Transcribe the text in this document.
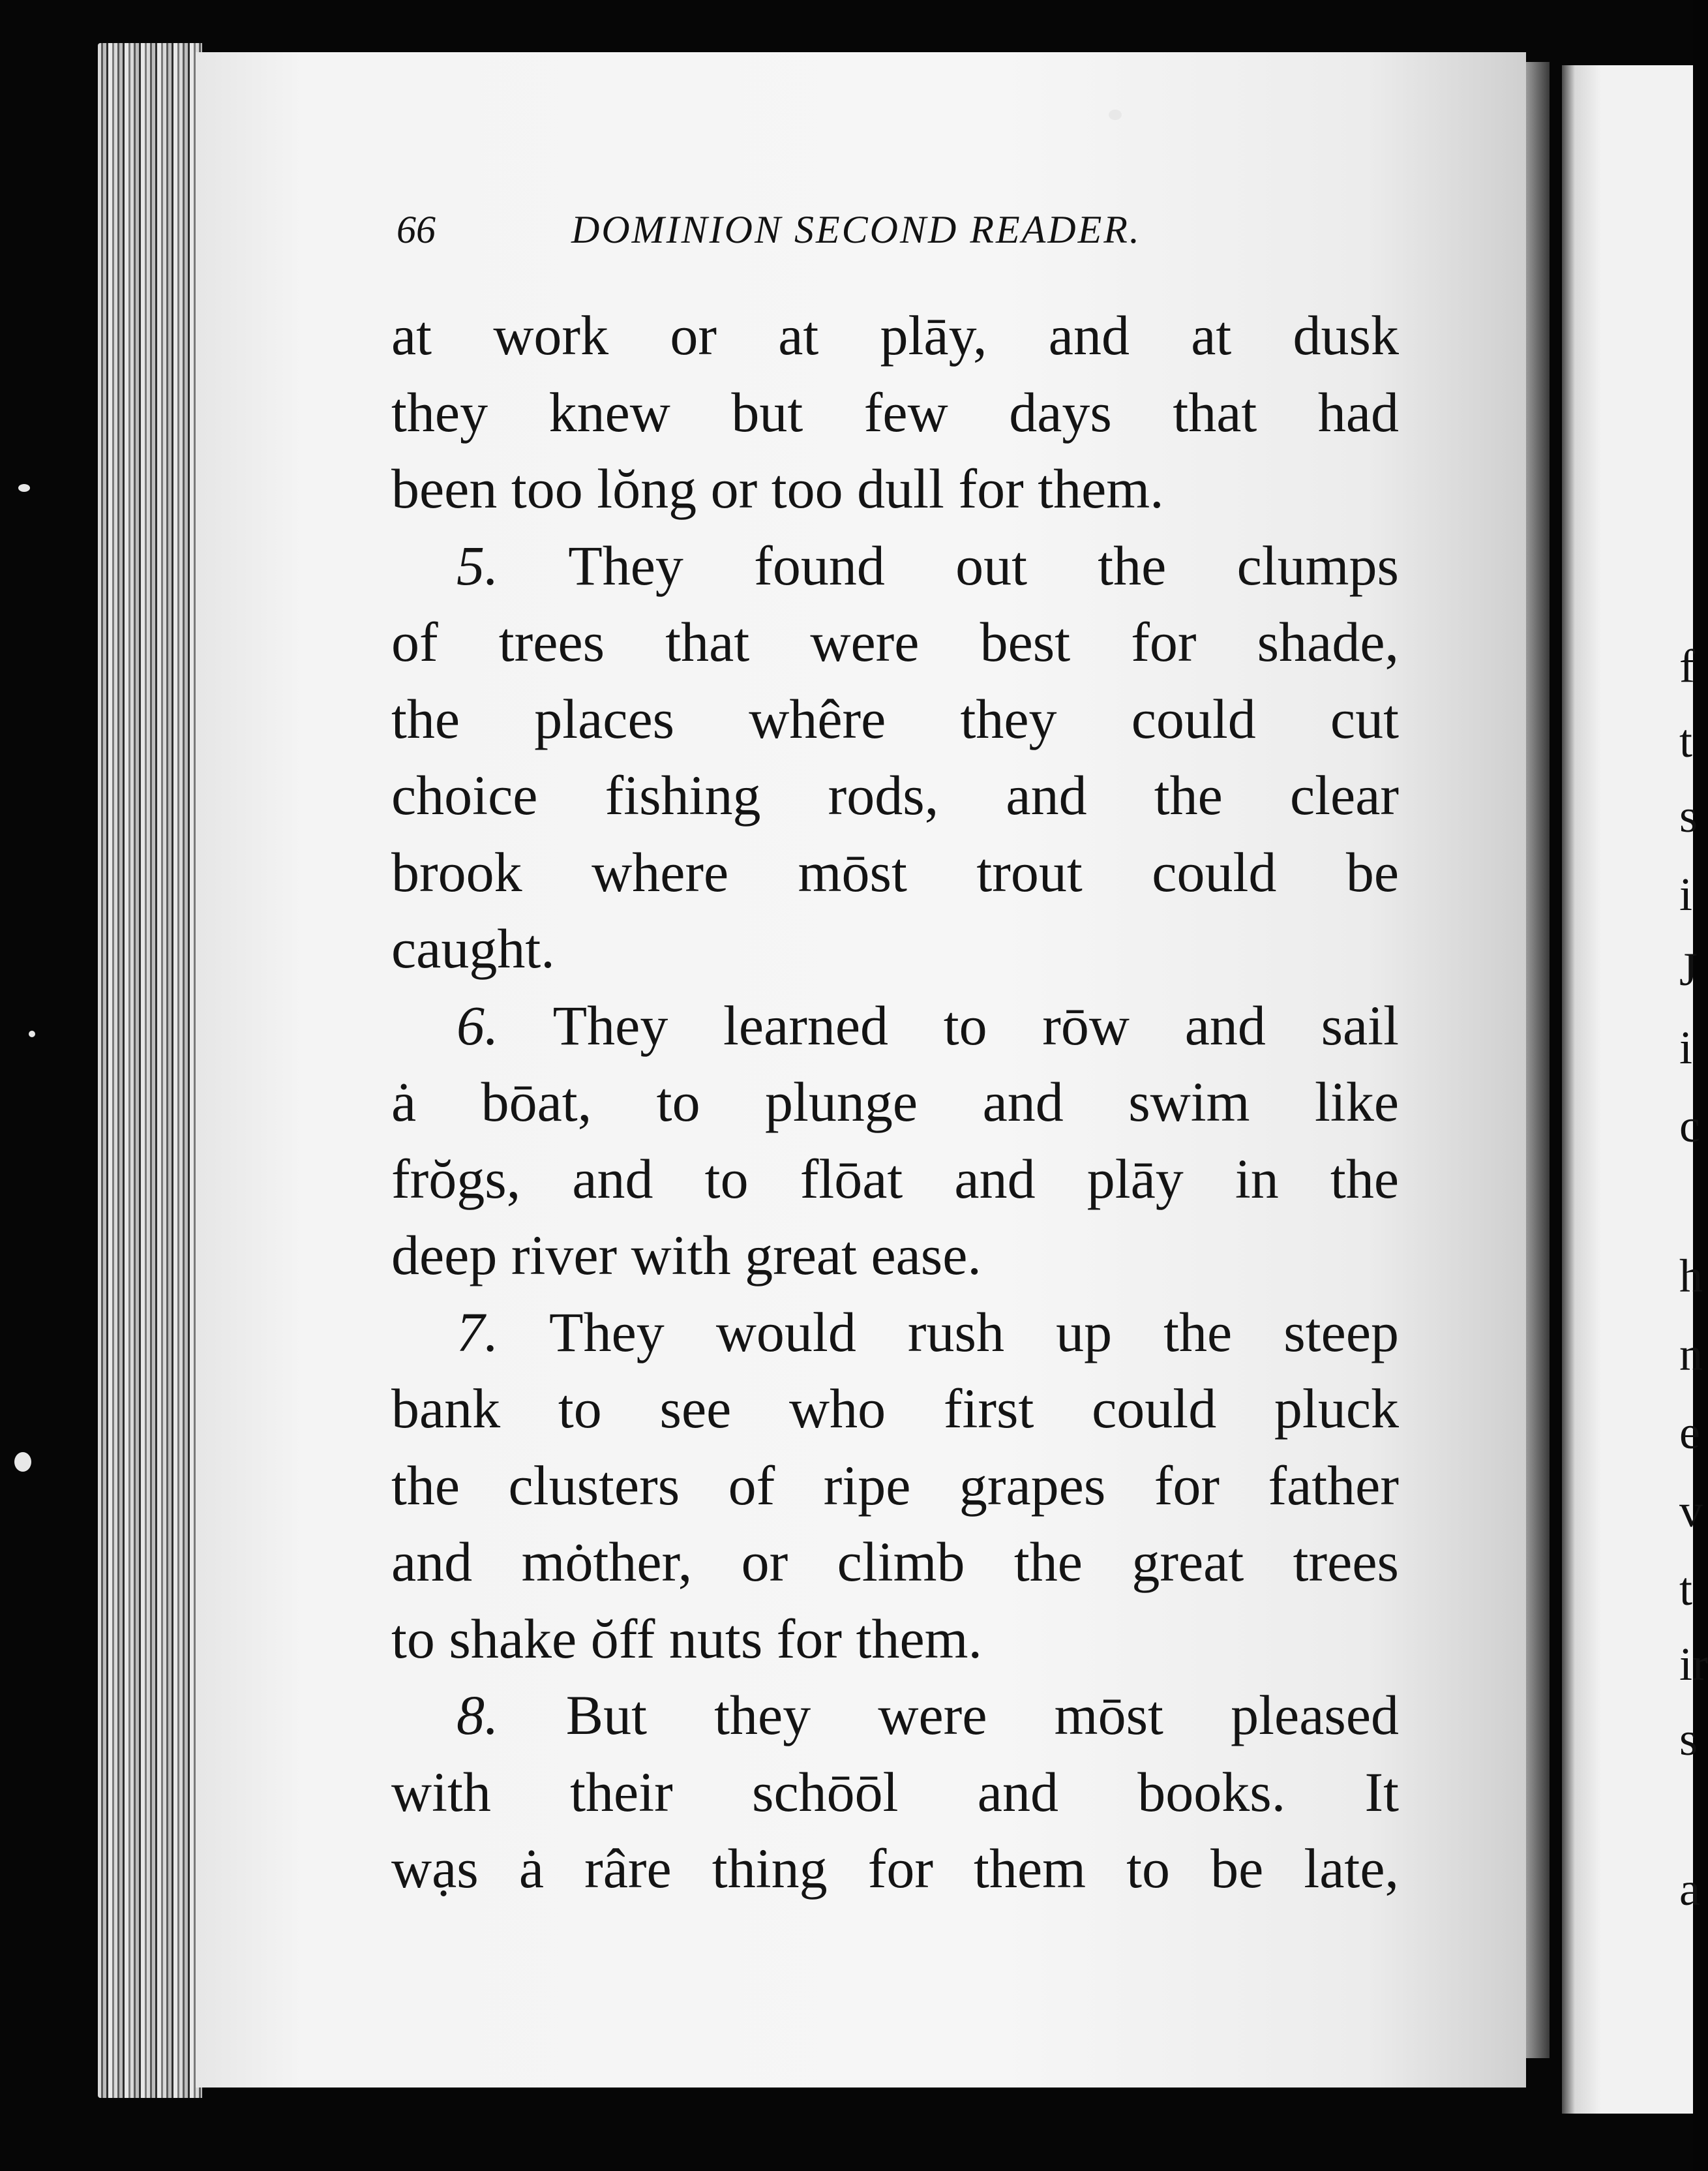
f
t
s
i
J
i
c
h
n
e
v
t
ir
s
a
66	DOMINION SECOND READER.
at work or at plāy, and at dusk
they knew but few days that had
been too lŏng or too dull for them.
5. They found out the clumps
of trees that were best for shade,
the places whêre they could cut
choice fishing rods, and the clear
brook where mōst trout could be
caught.
6. They learned to rōw and sail
ȧ bōat, to plunge and swim like
frŏgs, and to flōat and plāy in the
deep river with great ease.
7. They would rush up the steep
bank to see who first could pluck
the clusters of ripe grapes for father
and mȯther, or climb the great trees
to shake ŏff nuts for them.
8. But they were mōst pleased
with their schōōl and books. It
wạs ȧ râre thing for them to be late,
